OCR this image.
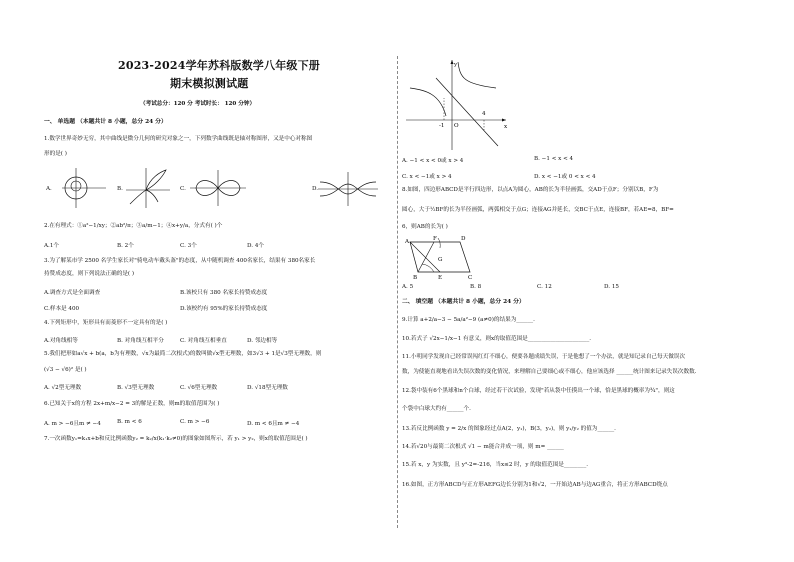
2023-2024学年苏科版数学八年级下册
期末模拟测试题
（考试总分：120 分 考试时长： 120 分钟）
一、 单选题 （本题共计 8 小题，总分 24 分）
1.数学世界奇妙无穷，其中曲线是微分几何的研究对象之一，下列数学曲线既是轴对称图形，又是中心对称图
形的是( )
A.	B.	C.	D.
2.在有理式：①a²−1/xy；②ab²/π；③a/m−1；④x+y/a，分式有( )个
A.1个	B. 2个	C. 3个	D. 4个
3.为了解某市学 2500 名学生家长对"骑电动车戴头盔"的态度，从中随机调查 400名家长，结果有 380名家长
持赞成态度，则下列说法正确的是( )
A.调查方式是全面调查	B.该校只有 380 名家长持赞成态度
C.样本是 400	D.该校约有 95%的家长持赞成态度
4.下列矩形中，矩形具有而菱形不一定具有的是( )
A.对角线相等	B. 对角线互相平分	C. 对角线互相垂直	D. 邻边相等
5.我们把形如a√x + b(a，b为有理数，√x为最简二次根式)的数叫做√x型无理数，如3√3 + 1是√3型无理数，则
(√3 − √6)² 是( )
A. √2型无理数	B. √3型无理数	C. √6型无理数	D. √18型无理数
6.已知关于x的方程 2x+m/x−2 = 3的解是正数，则m的取值范围为( )
A. m > −6且m ≠ −4	B. m < 6	C. m > −6	D. m < 6且m ≠ −4
7.一次函数y₁=k₁x+b和反比例函数y₂ = k₂/x(k₁·k₂≠0)的图象如图所示，若 y₁ > y₂，则x的取值范围是( )
y
x
-1 O
4
A. −1 < x < 0或 x > 4	B. −1 < x < 4
C. x < −1或 x > 4	D. x < −1或 0 < x < 4
8.如图，四边形ABCD是平行四边形，以点A为圆心，AB的长为半径画弧，交AD于点F；分别以B，F为
圆心，大于½BF的长为半径画弧，两弧相交于点G；连接AG并延长，交BC于点E，连接BF，若AE=8，BF=
6，则AB的长为( )
A	F	D
G
B	E	C
A. 5	B. 8	C. 12	D. 15
二、 填空题 （本题共计 8 小题，总分 24 分）
9.计算 a+2/a−3 − 5a/a²−9 (a≠0)的结果为______.
10.若式子 √2x−1/x−1 有意义，则x的取值范围是______________________.
11.小明同学发现自己经常误闯红灯不细心，便要各题成绩失误，于是他想了一个办法，就是知记录自己每天做误次
数，为使能直观地看出失误次数的变化情况，来理解自己要细心或不细心，他应该选择 ______统计图来记录失误次数数.
12.袋中装有6个黑球和n个白球，经过若干次试验，发现"若从袋中任摸出一个球，恰是黑球的概率为¾"，则这
个袋中白球大约有______个.
13.若反比例函数 y = 2/x 的图象经过点A(2，y₁)，B(3，y₂)，则 y₁/y₂ 的值为______.
14.若√20与最简二次根式 √1 − m能合并成一项，则 m= ______
15.若 x，y 为实数，且 y³-2=-216，当x≤2 时，y 的取值范围是________.
16.如图，正方形ABCD与正方形AEFG边长分别为1和√2，一开始边AB与边AG重合，将正方形ABCD绕点
